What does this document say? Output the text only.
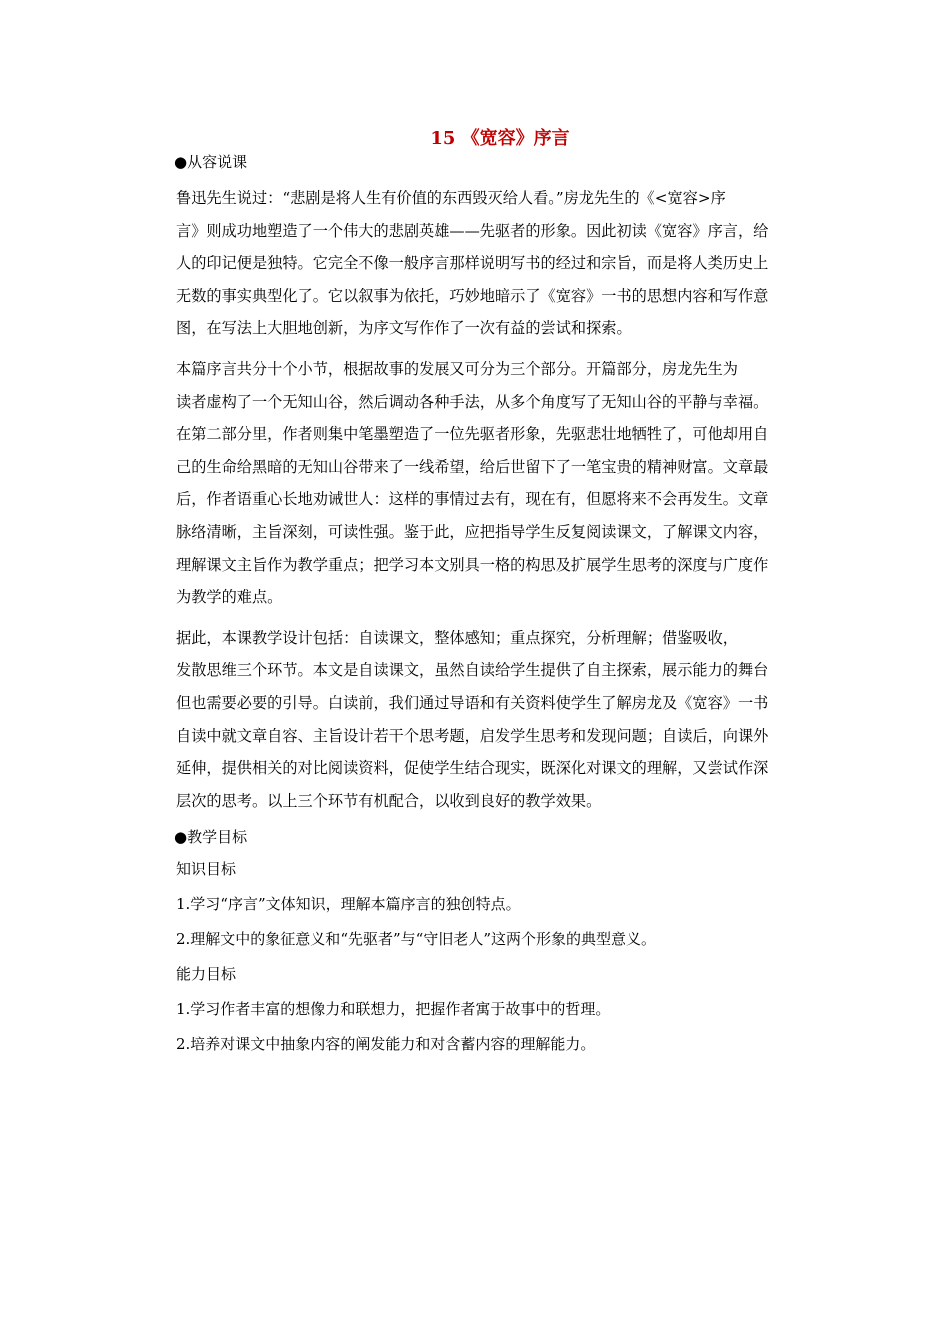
15 《宽容》序言
●从容说课
鲁迅先生说过：“悲剧是将人生有价值的东西毁灭给人看。”房龙先生的《<宽容>序
言》则成功地塑造了一个伟大的悲剧英雄——先驱者的形象。因此初读《宽容》序言，给
人的印记便是独特。它完全不像一般序言那样说明写书的经过和宗旨，而是将人类历史上
无数的事实典型化了。它以叙事为依托，巧妙地暗示了《宽容》一书的思想内容和写作意
图，在写法上大胆地创新，为序文写作作了一次有益的尝试和探索。
本篇序言共分十个小节，根据故事的发展又可分为三个部分。开篇部分，房龙先生为
读者虚构了一个无知山谷，然后调动各种手法，从多个角度写了无知山谷的平静与幸福。
在第二部分里，作者则集中笔墨塑造了一位先驱者形象，先驱悲壮地牺牲了，可他却用自
己的生命给黑暗的无知山谷带来了一线希望，给后世留下了一笔宝贵的精神财富。文章最
后，作者语重心长地劝诫世人：这样的事情过去有，现在有，但愿将来不会再发生。文章
脉络清晰，主旨深刻，可读性强。鉴于此，应把指导学生反复阅读课文，了解课文内容，
理解课文主旨作为教学重点；把学习本文别具一格的构思及扩展学生思考的深度与广度作
为教学的难点。
据此，本课教学设计包括：自读课文，整体感知；重点探究，分析理解；借鉴吸收，
发散思维三个环节。本文是自读课文，虽然自读给学生提供了自主探索，展示能力的舞台
但也需要必要的引导。白读前，我们通过导语和有关资料使学生了解房龙及《宽容》一书
自读中就文章自容、主旨设计若干个思考题，启发学生思考和发现问题；自读后，向课外
延伸，提供相关的对比阅读资料，促使学生结合现实，既深化对课文的理解，又尝试作深
层次的思考。以上三个环节有机配合，以收到良好的教学效果。
●教学目标
知识目标
1.学习“序言”文体知识，理解本篇序言的独创特点。
2.理解文中的象征意义和“先驱者”与“守旧老人”这两个形象的典型意义。
能力目标
1.学习作者丰富的想像力和联想力，把握作者寓于故事中的哲理。
2.培养对课文中抽象内容的阐发能力和对含蓄内容的理解能力。
